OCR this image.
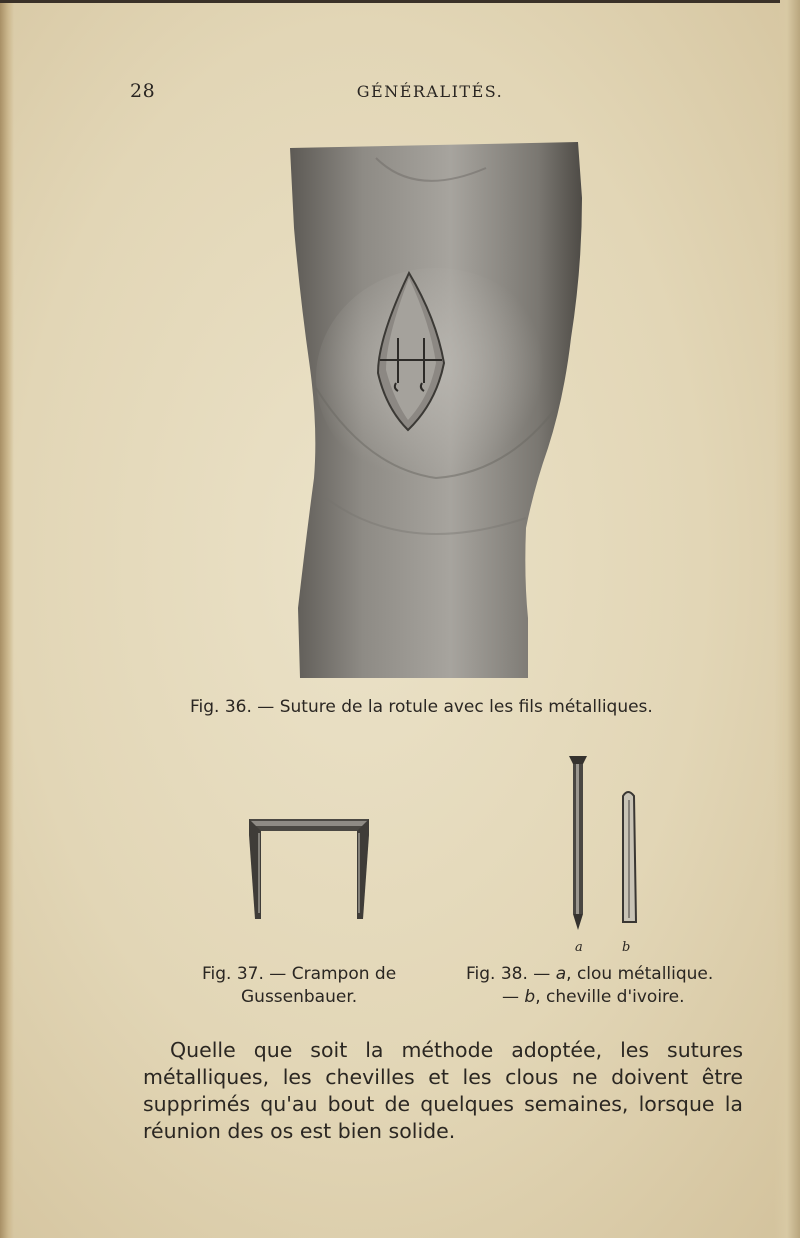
28	GÉNÉRALITÉS.
Fig. 36. — Suture de la rotule avec les fils métalliques.
a	b
Fig. 37. — Crampon de
Gussenbauer.
Fig. 38. — a, clou métallique.
— b, cheville d'ivoire.
Quelle que soit la méthode adoptée, les sutures métalliques, les chevilles et les clous ne doivent être supprimés qu'au bout de quelques semaines, lorsque la réunion des os est bien solide.
